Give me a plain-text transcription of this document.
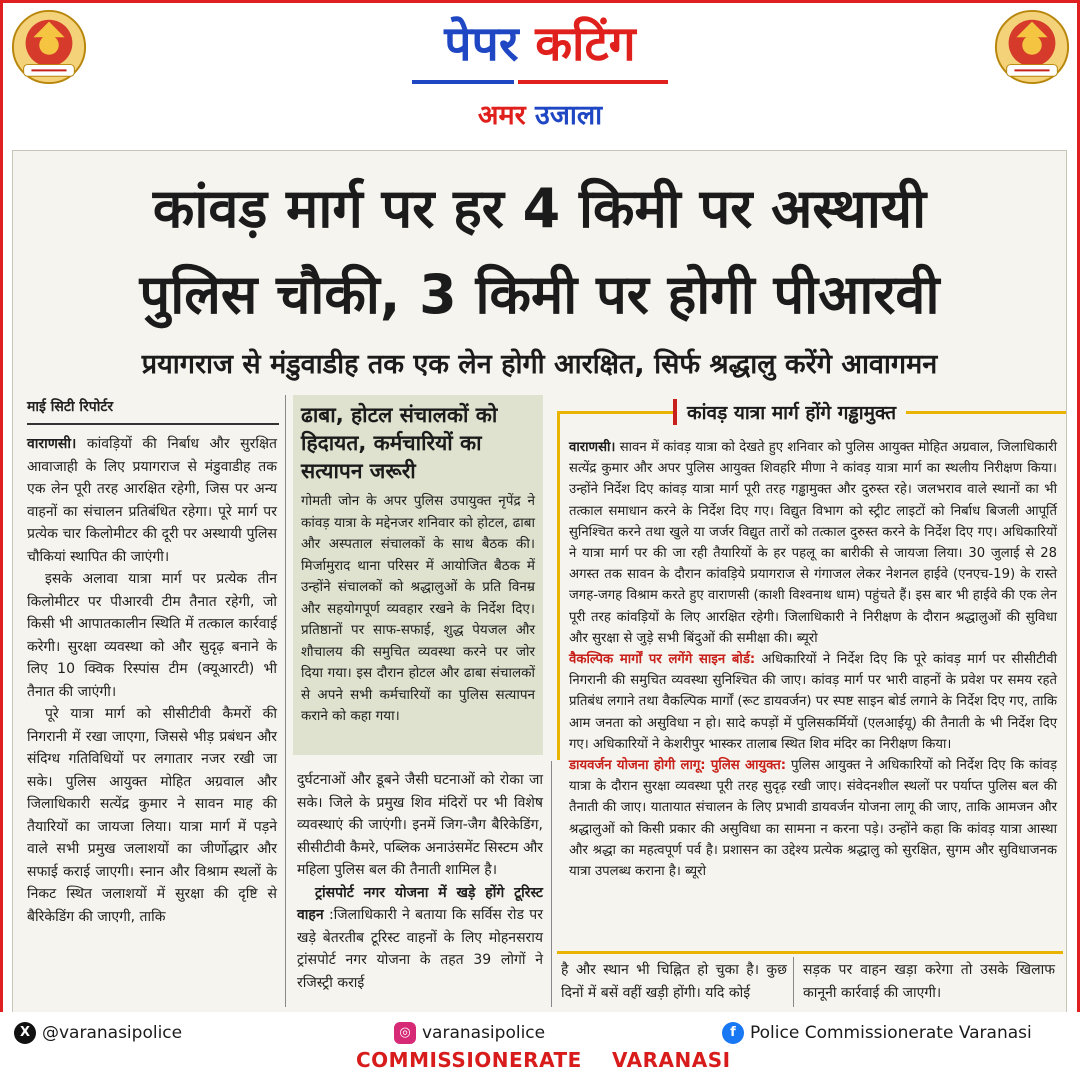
पेपर कटिंग
अमर उजाला
कांवड़ मार्ग पर हर 4 किमी पर अस्थायी
पुलिस चौकी, 3 किमी पर होगी पीआरवी
प्रयागराज से मंडुवाडीह तक एक लेन होगी आरक्षित, सिर्फ श्रद्धालु करेंगे आवागमन
माई सिटी रिपोर्टर

वाराणसी। कांवड़ियों की निर्बाध और सुरक्षित आवाजाही के लिए प्रयागराज से मंडुवाडीह तक एक लेन पूरी तरह आरक्षित रहेगी, जिस पर अन्य वाहनों का संचालन प्रतिबंधित रहेगा। पूरे मार्ग पर प्रत्येक चार किलोमीटर की दूरी पर अस्थायी पुलिस चौकियां स्थापित की जाएंगी।

इसके अलावा यात्रा मार्ग पर प्रत्येक तीन किलोमीटर पर पीआरवी टीम तैनात रहेगी, जो किसी भी आपातकालीन स्थिति में तत्काल कार्रवाई करेगी। सुरक्षा व्यवस्था को और सुदृढ़ बनाने के लिए 10 क्विक रिस्पांस टीम (क्यूआरटी) भी तैनात की जाएंगी।

पूरे यात्रा मार्ग को सीसीटीवी कैमरों की निगरानी में रखा जाएगा, जिससे भीड़ प्रबंधन और संदिग्ध गतिविधियों पर लगातार नजर रखी जा सके। पुलिस आयुक्त मोहित अग्रवाल और जिलाधिकारी सत्येंद्र कुमार ने सावन माह की तैयारियों का जायजा लिया। यात्रा मार्ग में पड़ने वाले सभी प्रमुख जलाशयों का जीर्णोद्धार और सफाई कराई जाएगी। स्नान और विश्राम स्थलों के निकट स्थित जलाशयों में सुरक्षा की दृष्टि से बैरिकेडिंग की जाएगी, ताकि

ढाबा, होटल संचालकों को हिदायत, कर्मचारियों का सत्यापन जरूरी
गोमती जोन के अपर पुलिस उपायुक्त नृपेंद्र ने कांवड़ यात्रा के मद्देनजर शनिवार को होटल, ढाबा और अस्पताल संचालकों के साथ बैठक की। मिर्जामुराद थाना परिसर में आयोजित बैठक में उन्होंने संचालकों को श्रद्धालुओं के प्रति विनम्र और सहयोगपूर्ण व्यवहार रखने के निर्देश दिए। प्रतिष्ठानों पर साफ-सफाई, शुद्ध पेयजल और शौचालय की समुचित व्यवस्था करने पर जोर दिया गया। इस दौरान होटल और ढाबा संचालकों से अपने सभी कर्मचारियों का पुलिस सत्यापन कराने को कहा गया।

दुर्घटनाओं और डूबने जैसी घटनाओं को रोका जा सके। जिले के प्रमुख शिव मंदिरों पर भी विशेष व्यवस्थाएं की जाएंगी। इनमें जिग-जैग बैरिकेडिंग, सीसीटीवी कैमरे, पब्लिक अनाउंसमेंट सिस्टम और महिला पुलिस बल की तैनाती शामिल है।

ट्रांसपोर्ट नगर योजना में खड़े होंगे टूरिस्ट वाहन :जिलाधिकारी ने बताया कि सर्विस रोड पर खड़े बेतरतीब टूरिस्ट वाहनों के लिए मोहनसराय ट्रांसपोर्ट नगर योजना के तहत 39 लोगों ने रजिस्ट्री कराई

कांवड़ यात्रा मार्ग होंगे गड्ढामुक्त

वाराणसी। सावन में कांवड़ यात्रा को देखते हुए शनिवार को पुलिस आयुक्त मोहित अग्रवाल, जिलाधिकारी सत्येंद्र कुमार और अपर पुलिस आयुक्त शिवहरि मीणा ने कांवड़ यात्रा मार्ग का स्थलीय निरीक्षण किया। उन्होंने निर्देश दिए कांवड़ यात्रा मार्ग पूरी तरह गड्ढामुक्त और दुरुस्त रहे। जलभराव वाले स्थानों का भी तत्काल समाधान करने के निर्देश दिए गए। विद्युत विभाग को स्ट्रीट लाइटों को निर्बाध बिजली आपूर्ति सुनिश्चित करने तथा खुले या जर्जर विद्युत तारों को तत्काल दुरुस्त करने के निर्देश दिए गए। अधिकारियों ने यात्रा मार्ग पर की जा रही तैयारियों के हर पहलू का बारीकी से जायजा लिया। 30 जुलाई से 28 अगस्त तक सावन के दौरान कांवड़िये प्रयागराज से गंगाजल लेकर नेशनल हाईवे (एनएच-19) के रास्ते जगह-जगह विश्राम करते हुए वाराणसी (काशी विश्वनाथ धाम) पहुंचते हैं। इस बार भी हाईवे की एक लेन पूरी तरह कांवड़ियों के लिए आरक्षित रहेगी। जिलाधिकारी ने निरीक्षण के दौरान श्रद्धालुओं की सुविधा और सुरक्षा से जुड़े सभी बिंदुओं की समीक्षा की। ब्यूरो

वैकल्पिक मार्गों पर लगेंगे साइन बोर्ड: अधिकारियों ने निर्देश दिए कि पूरे कांवड़ मार्ग पर सीसीटीवी निगरानी की समुचित व्यवस्था सुनिश्चित की जाए। कांवड़ मार्ग पर भारी वाहनों के प्रवेश पर समय रहते प्रतिबंध लगाने तथा वैकल्पिक मार्गों (रूट डायवर्जन) पर स्पष्ट साइन बोर्ड लगाने के निर्देश दिए गए, ताकि आम जनता को असुविधा न हो। सादे कपड़ों में पुलिसकर्मियों (एलआईयू) की तैनाती के भी निर्देश दिए गए। अधिकारियों ने केशरीपुर भास्कर तालाब स्थित शिव मंदिर का निरीक्षण किया।

डायवर्जन योजना होगी लागू: पुलिस आयुक्त: पुलिस आयुक्त ने अधिकारियों को निर्देश दिए कि कांवड़ यात्रा के दौरान सुरक्षा व्यवस्था पूरी तरह सुदृढ़ रखी जाए। संवेदनशील स्थलों पर पर्याप्त पुलिस बल की तैनाती की जाए। यातायात संचालन के लिए प्रभावी डायवर्जन योजना लागू की जाए, ताकि आमजन और श्रद्धालुओं को किसी प्रकार की असुविधा का सामना न करना पड़े। उन्होंने कहा कि कांवड़ यात्रा आस्था और श्रद्धा का महत्वपूर्ण पर्व है। प्रशासन का उद्देश्य प्रत्येक श्रद्धालु को सुरक्षित, सुगम और सुविधाजनक यात्रा उपलब्ध कराना है। ब्यूरो

है और स्थान भी चिह्नित हो चुका है। कुछ दिनों में बसें वहीं खड़ी होंगी। यदि कोई

सड़क पर वाहन खड़ा करेगा तो उसके खिलाफ कानूनी कार्रवाई की जाएगी।

X @varanasipolice	◎ varanasipolice	f Police Commissionerate Varanasi
COMMISSIONERATE VARANASI
